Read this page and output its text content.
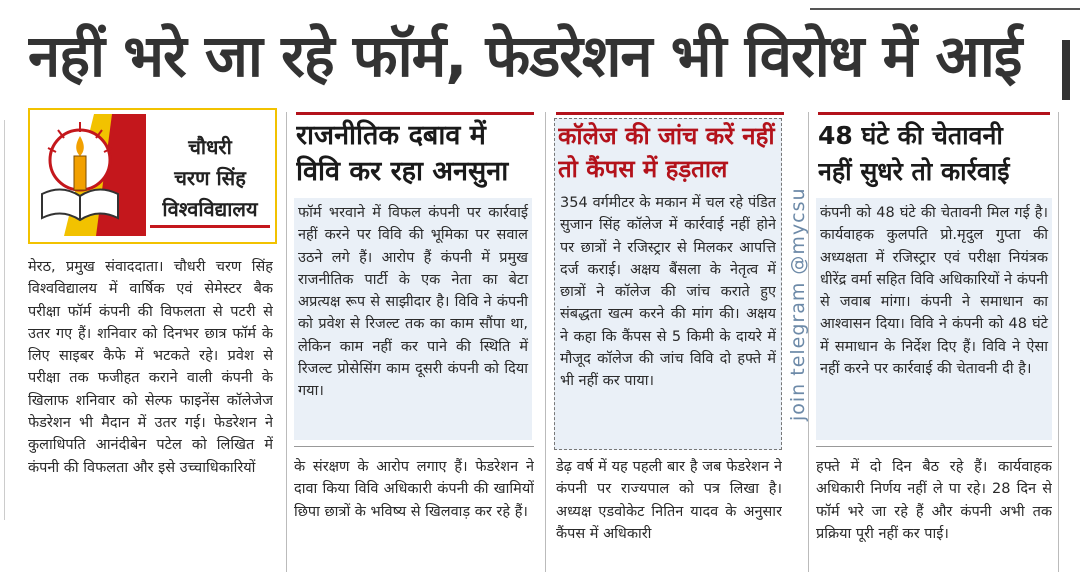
नहीं भरे जा रहे फॉर्म, फेडरेशन भी विरोध में आई
चौधरी
चरण सिंह
विश्वविद्यालय
मेरठ, प्रमुख संवाददाता। चौधरी चरण सिंह विश्वविद्यालय में वार्षिक एवं सेमेस्टर बैक परीक्षा फॉर्म कंपनी की विफलता से पटरी से उतर गए हैं। शनिवार को दिनभर छात्र फॉर्म के लिए साइबर कैफे में भटकते रहे। प्रवेश से परीक्षा तक फजीहत कराने वाली कंपनी के खिलाफ शनिवार को सेल्फ फाइनेंस कॉलेजेज फेडरेशन भी मैदान में उतर गई। फेडरेशन ने कुलाधिपति आनंदीबेन पटेल को लिखित में कंपनी की विफलता और इसे उच्चाधिकारियों
राजनीतिक दबाव में
विवि कर रहा अनसुना
फॉर्म भरवाने में विफल कंपनी पर कार्रवाई नहीं करने पर विवि की भूमिका पर सवाल उठने लगे हैं। आरोप हैं कंपनी में प्रमुख राजनीतिक पार्टी के एक नेता का बेटा अप्रत्यक्ष रूप से साझीदार है। विवि ने कंपनी को प्रवेश से रिजल्ट तक का काम सौंपा था, लेकिन काम नहीं कर पाने की स्थिति में रिजल्ट प्रोसेसिंग काम दूसरी कंपनी को दिया गया।
के संरक्षण के आरोप लगाए हैं। फेडरेशन ने दावा किया विवि अधिकारी कंपनी की खामियों छिपा छात्रों के भविष्य से खिलवाड़ कर रहे हैं।
कॉलेज की जांच करें नहीं
तो कैंपस में हड़ताल
354 वर्गमीटर के मकान में चल रहे पंडित सुजान सिंह कॉलेज में कार्रवाई नहीं होने पर छात्रों ने रजिस्ट्रार से मिलकर आपत्ति दर्ज कराई। अक्षय बैंसला के नेतृत्व में छात्रों ने कॉलेज की जांच कराते हुए संबद्धता खत्म करने की मांग की। अक्षय ने कहा कि कैंपस से 5 किमी के दायरे में मौजूद कॉलेज की जांच विवि दो हफ्ते में भी नहीं कर पाया।
डेढ़ वर्ष में यह पहली बार है जब फेडरेशन ने कंपनी पर राज्यपाल को पत्र लिखा है। अध्यक्ष एडवोकेट नितिन यादव के अनुसार कैंपस में अधिकारी
join telegram @mycsu
48 घंटे की चेतावनी
नहीं सुधरे तो कार्रवाई
कंपनी को 48 घंटे की चेतावनी मिल गई है। कार्यवाहक कुलपति प्रो.मृदुल गुप्ता की अध्यक्षता में रजिस्ट्रार एवं परीक्षा नियंत्रक धीरेंद्र वर्मा सहित विवि अधिकारियों ने कंपनी से जवाब मांगा। कंपनी ने समाधान का आश्वासन दिया। विवि ने कंपनी को 48 घंटे में समाधान के निर्देश दिए हैं। विवि ने ऐसा नहीं करने पर कार्रवाई की चेतावनी दी है।
हफ्ते में दो दिन बैठ रहे हैं। कार्यवाहक अधिकारी निर्णय नहीं ले पा रहे। 28 दिन से फॉर्म भरे जा रहे हैं और कंपनी अभी तक प्रक्रिया पूरी नहीं कर पाई।
